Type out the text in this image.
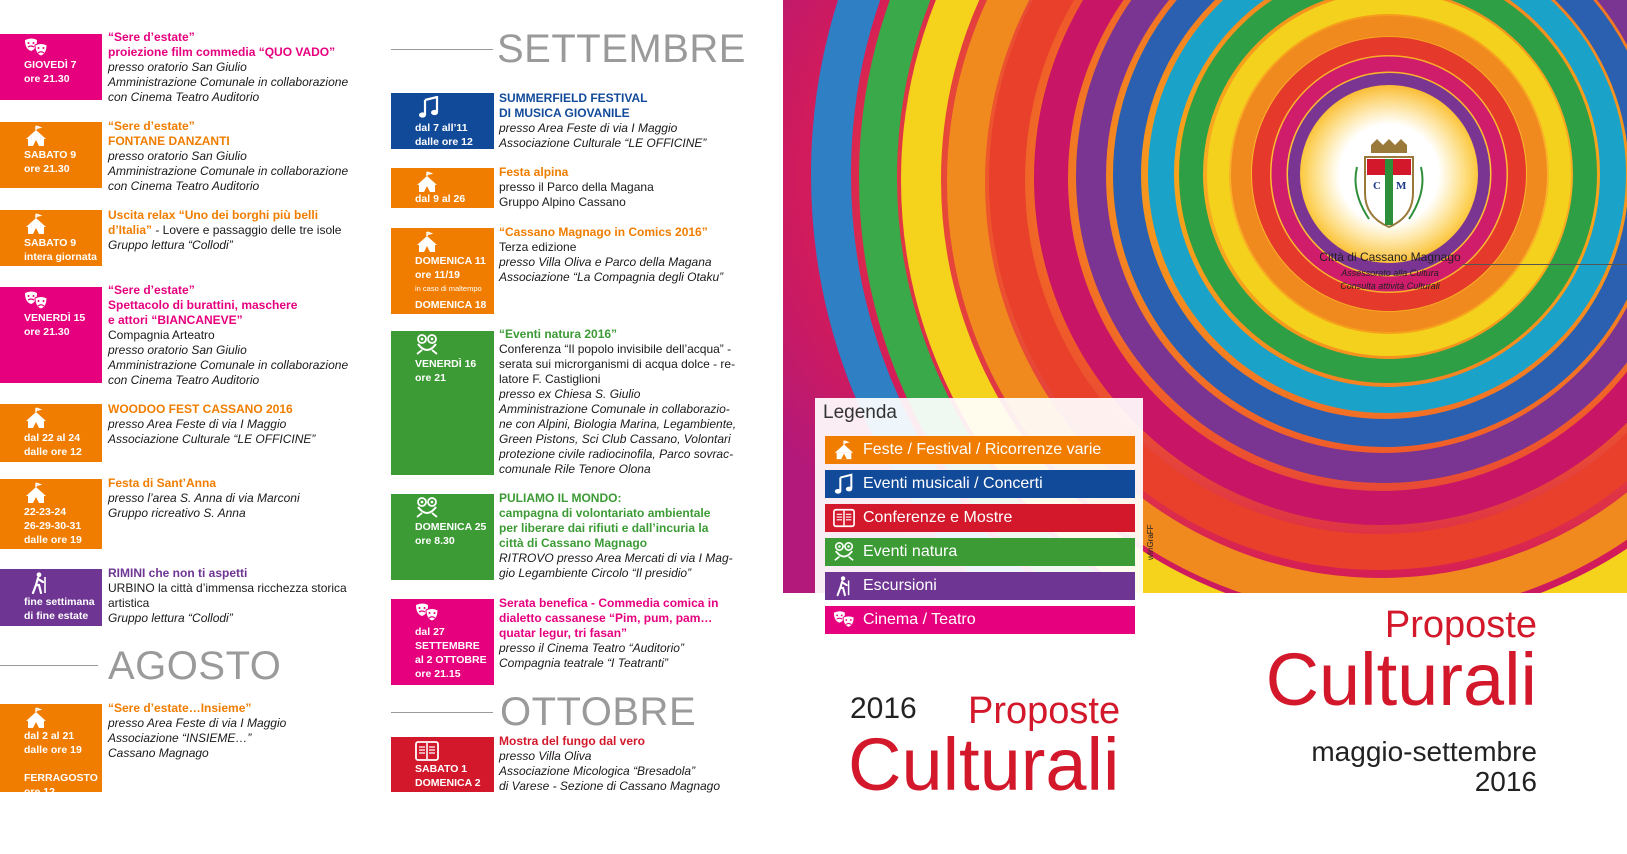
GIOVEDÌ 7
ore 21.30
“Sere d’estate”
proiezione film commedia “QUO VADO”
presso oratorio San Giulio
Amministrazione Comunale in collaborazione
con Cinema Teatro Auditorio
SABATO 9
ore 21.30
“Sere d’estate”
FONTANE DANZANTI
presso oratorio San Giulio
Amministrazione Comunale in collaborazione
con Cinema Teatro Auditorio
SABATO 9
intera giornata
Uscita relax “Uno dei borghi più belli
d’Italia” - Lovere e passaggio delle tre isole
Gruppo lettura “Collodi”
VENERDÌ 15
ore 21.30
“Sere d’estate”
Spettacolo di burattini, maschere
e attori “BIANCANEVE”
Compagnia Arteatro
presso oratorio San Giulio
Amministrazione Comunale in collaborazione
con Cinema Teatro Auditorio
dal 22 al 24
dalle ore 12
WOODOO FEST CASSANO 2016
presso Area Feste di via I Maggio
Associazione Culturale “LE OFFICINE”
22-23-24
26-29-30-31
dalle ore 19
Festa di Sant’Anna
presso l’area S. Anna di via Marconi
Gruppo ricreativo S. Anna
fine settimana
di fine estate
RIMINI che non ti aspetti
URBINO la città d’immensa ricchezza storica
artistica
Gruppo lettura “Collodi”
AGOSTO
dal 2 al 21
dalle ore 19

FERRAGOSTO
ore 12
“Sere d’estate…Insieme”
presso Area Feste di via I Maggio
Associazione “INSIEME…”
Cassano Magnago
SETTEMBRE
dal 7 all’11
dalle ore 12
SUMMERFIELD FESTIVAL
DI MUSICA GIOVANILE
presso Area Feste di via I Maggio
Associazione Culturale “LE OFFICINE”
dal 9 al 26
Festa alpina
presso il Parco della Magana
Gruppo Alpino Cassano
DOMENICA 11
ore 11/19
in caso di maltempo
DOMENICA 18
“Cassano Magnago in Comics 2016”
Terza edizione
presso Villa Oliva e Parco della Magana
Associazione “La Compagnia degli Otaku”
VENERDÌ 16
ore 21
“Eventi natura 2016”
Conferenza “Il popolo invisibile dell’acqua” -
serata sui microrganismi di acqua dolce - re-
latore F. Castiglioni
presso ex Chiesa S. Giulio
Amministrazione Comunale in collaborazio-
ne con Alpini, Biologia Marina, Legambiente,
Green Pistons, Sci Club Cassano, Volontari
protezione civile radiocinofila, Parco sovrac-
comunale Rile Tenore Olona
DOMENICA 25
ore 8.30
PULIAMO IL MONDO:
campagna di volontariato ambientale
per liberare dai rifiuti e dall’incuria la
città di Cassano Magnago
RITROVO presso Area Mercati di via I Mag-
gio Legambiente Circolo “Il presidio”
dal 27
SETTEMBRE
al 2 OTTOBRE
ore 21.15
Serata benefica - Commedia comica in
dialetto cassanese “Pim, pum, pam…
quatar legur, tri fasan”
presso il Cinema Teatro “Auditorio”
Compagnia teatrale “I Teatranti”
OTTOBRE
SABATO 1
DOMENICA 2
Mostra del fungo dal vero
presso Villa Oliva
Associazione Micologica “Bresadola”
di Varese - Sezione di Cassano Magnago
C M
Città di Cassano Magnago
Assessorato alla Cultura
Consulta attività Culturali
Legenda
Feste / Festival / Ricorrenze varie
Eventi musicali / Concerti
Conferenze e Mostre
Eventi natura
Escursioni
Cinema / Teatro
wInGraFF
2016 Proposte
Culturali
Proposte
Culturali
maggio-settembre
2016
